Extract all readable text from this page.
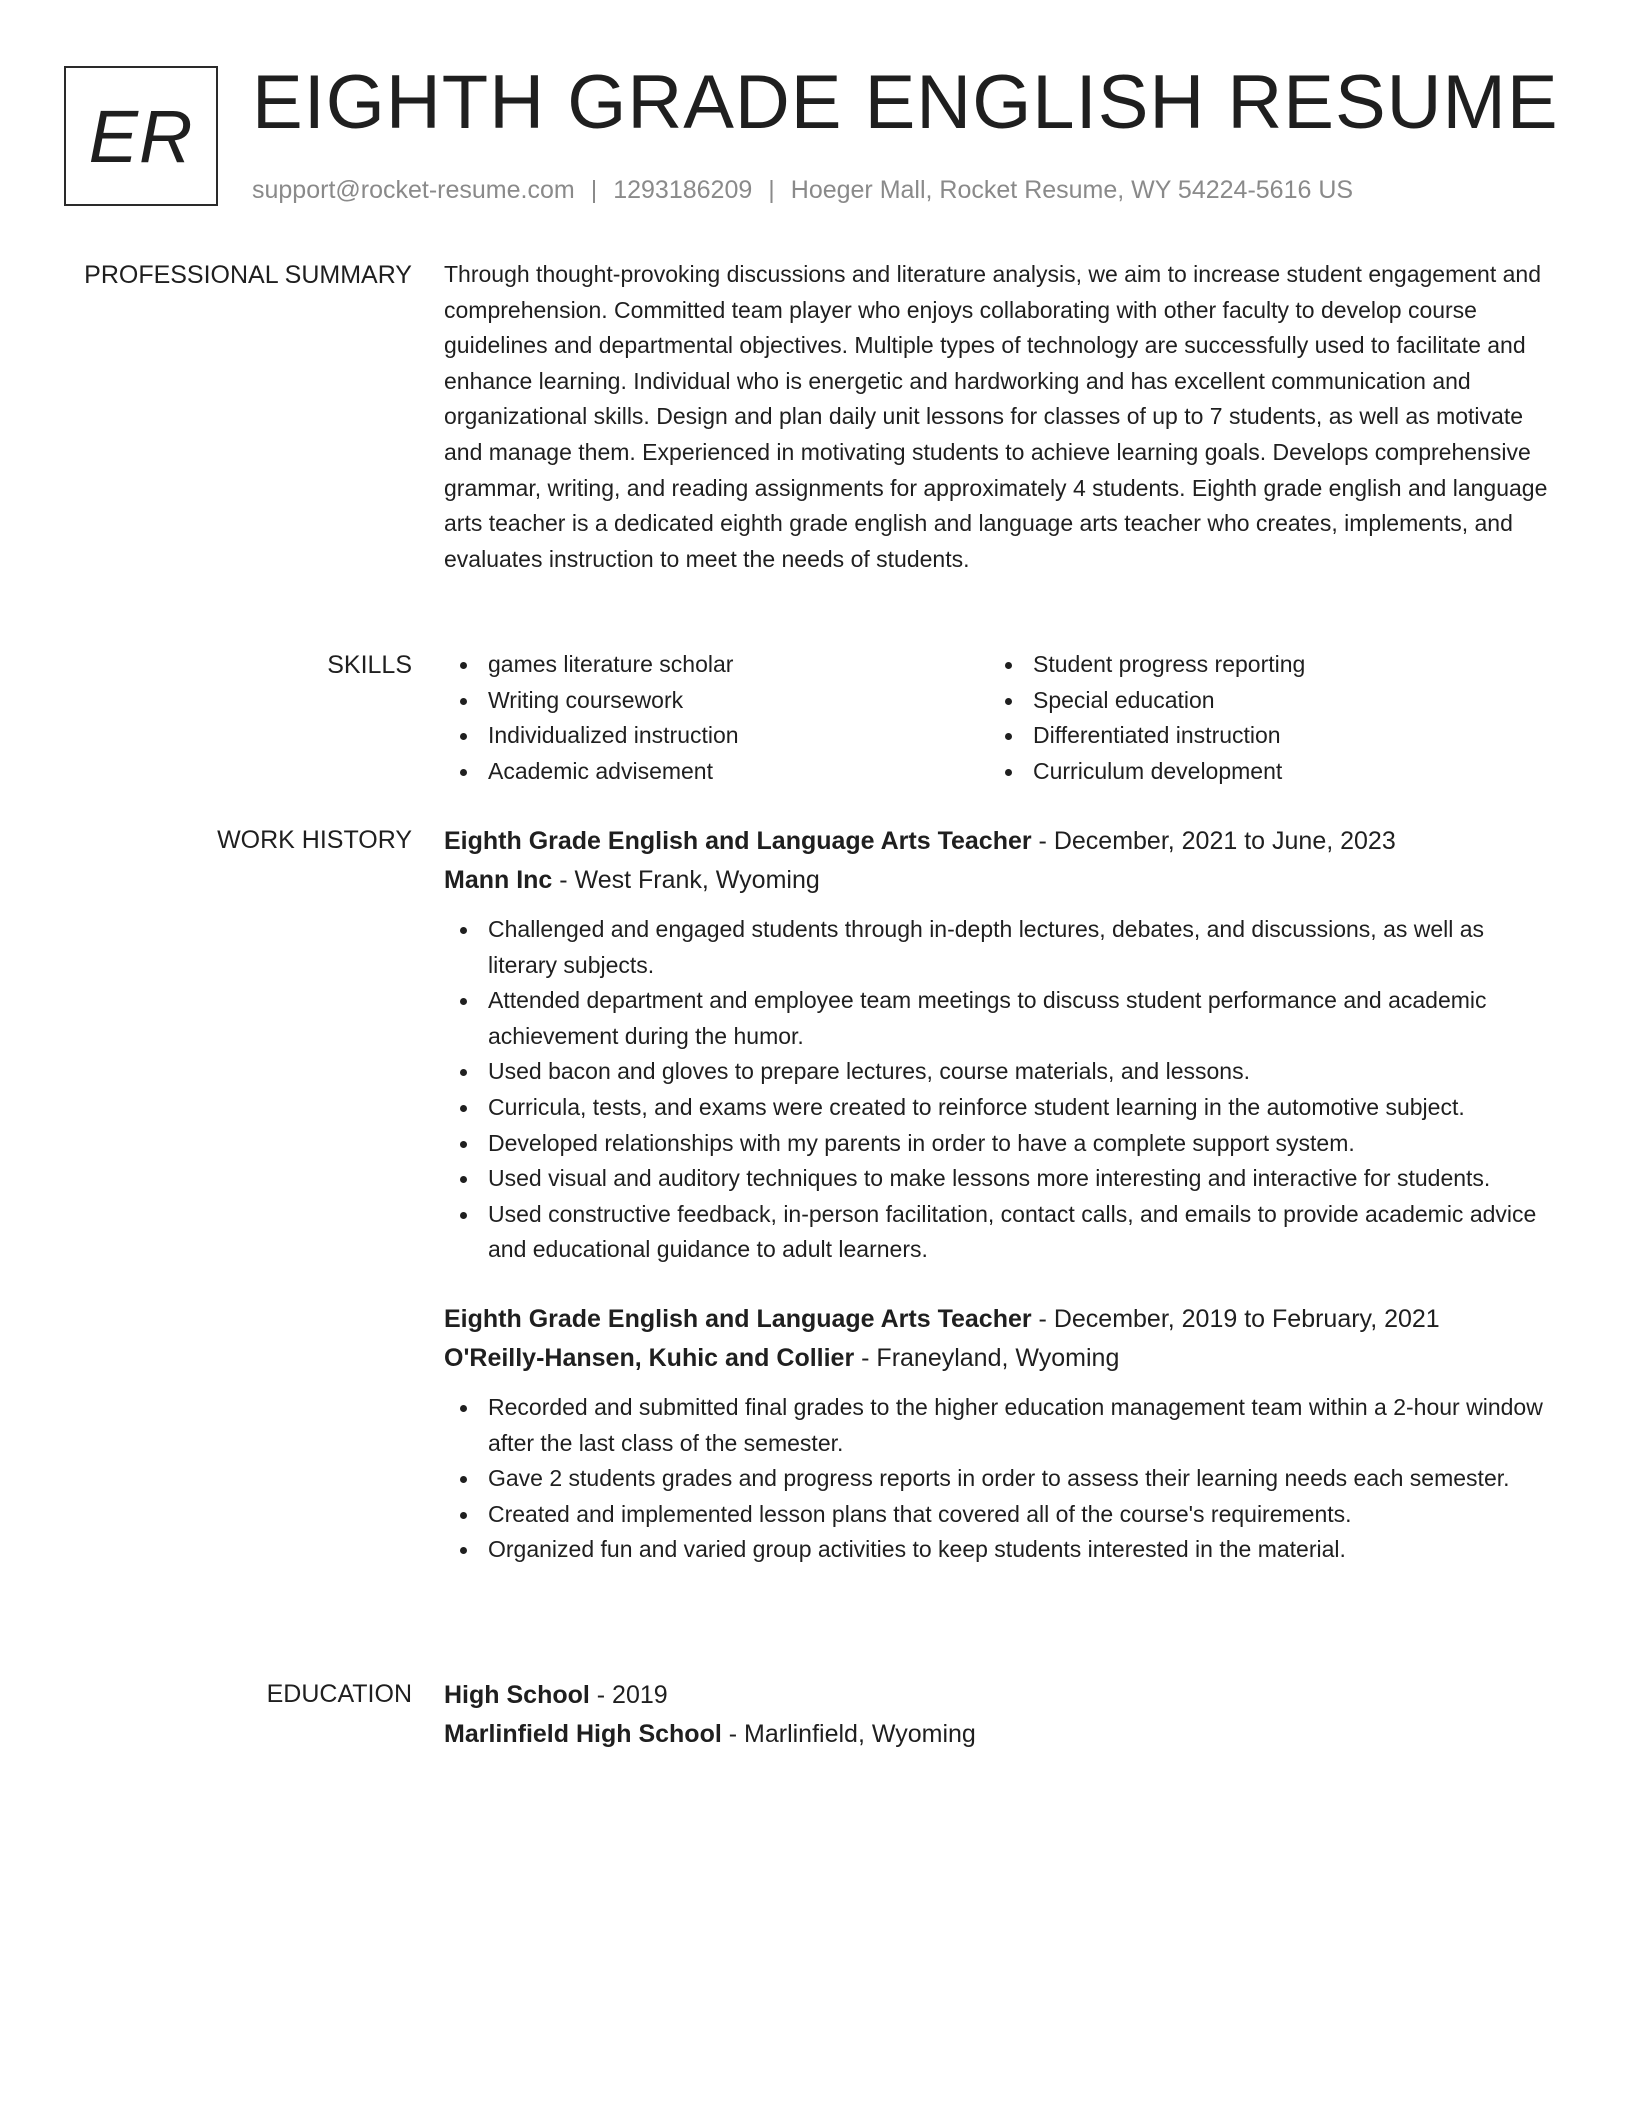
ER EIGHTH GRADE ENGLISH RESUME
support@rocket-resume.com | 1293186209 | Hoeger Mall, Rocket Resume, WY 54224-5616 US
PROFESSIONAL SUMMARY Through thought-provoking discussions and literature analysis, we aim to increase student engagement and comprehension. Committed team player who enjoys collaborating with other faculty to develop course guidelines and departmental objectives. Multiple types of technology are successfully used to facilitate and enhance learning. Individual who is energetic and hardworking and has excellent communication and organizational skills. Design and plan daily unit lessons for classes of up to 7 students, as well as motivate and manage them. Experienced in motivating students to achieve learning goals. Develops comprehensive grammar, writing, and reading assignments for approximately 4 students. Eighth grade english and language arts teacher is a dedicated eighth grade english and language arts teacher who creates, implements, and evaluates instruction to meet the needs of students.

SKILLS	games literature scholar
Writing coursework
Individualized instruction
Academic advisement
Student progress reporting
Special education
Differentiated instruction
Curriculum development
WORK HISTORY Eighth Grade English and Language Arts Teacher - December, 2021 to June, 2023
Mann Inc - West Frank, Wyoming
Challenged and engaged students through in-depth lectures, debates, and discussions, as well as literary subjects.
Attended department and employee team meetings to discuss student performance and academic achievement during the humor.
Used bacon and gloves to prepare lectures, course materials, and lessons.
Curricula, tests, and exams were created to reinforce student learning in the automotive subject.
Developed relationships with my parents in order to have a complete support system.
Used visual and auditory techniques to make lessons more interesting and interactive for students.
Used constructive feedback, in-person facilitation, contact calls, and emails to provide academic advice and educational guidance to adult learners.
Eighth Grade English and Language Arts Teacher - December, 2019 to February, 2021
O'Reilly-Hansen, Kuhic and Collier - Franeyland, Wyoming
Recorded and submitted final grades to the higher education management team within a 2-hour window after the last class of the semester.
Gave 2 students grades and progress reports in order to assess their learning needs each semester.
Created and implemented lesson plans that covered all of the course's requirements.
Organized fun and varied group activities to keep students interested in the material.
EDUCATION High School - 2019
Marlinfield High School - Marlinfield, Wyoming
